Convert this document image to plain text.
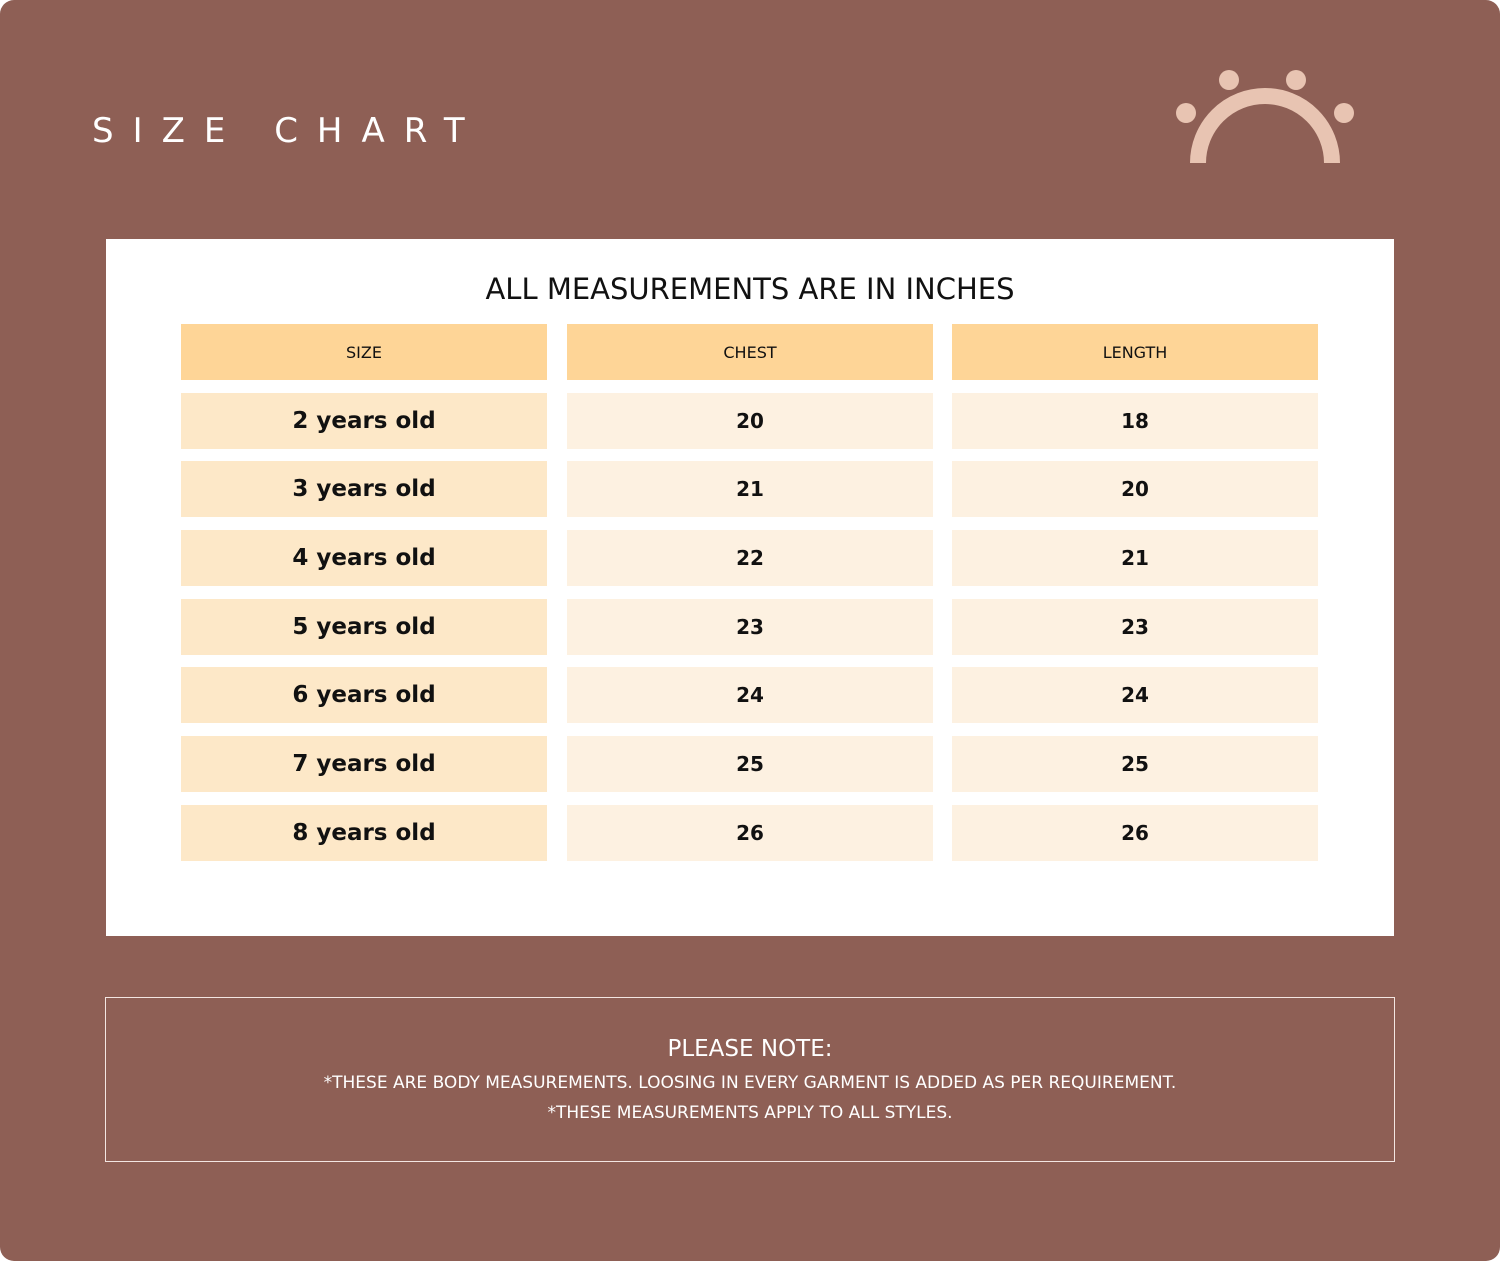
SIZE CHART
ALL MEASUREMENTS ARE IN INCHES
SIZE	CHEST	LENGTH
2 years old	20	18
3 years old	21	20
4 years old	22	21
5 years old	23	23
6 years old	24	24
7 years old	25	25
8 years old	26	26
PLEASE NOTE:
*THESE ARE BODY MEASUREMENTS. LOOSING IN EVERY GARMENT IS ADDED AS PER REQUIREMENT.
*THESE MEASUREMENTS APPLY TO ALL STYLES.
